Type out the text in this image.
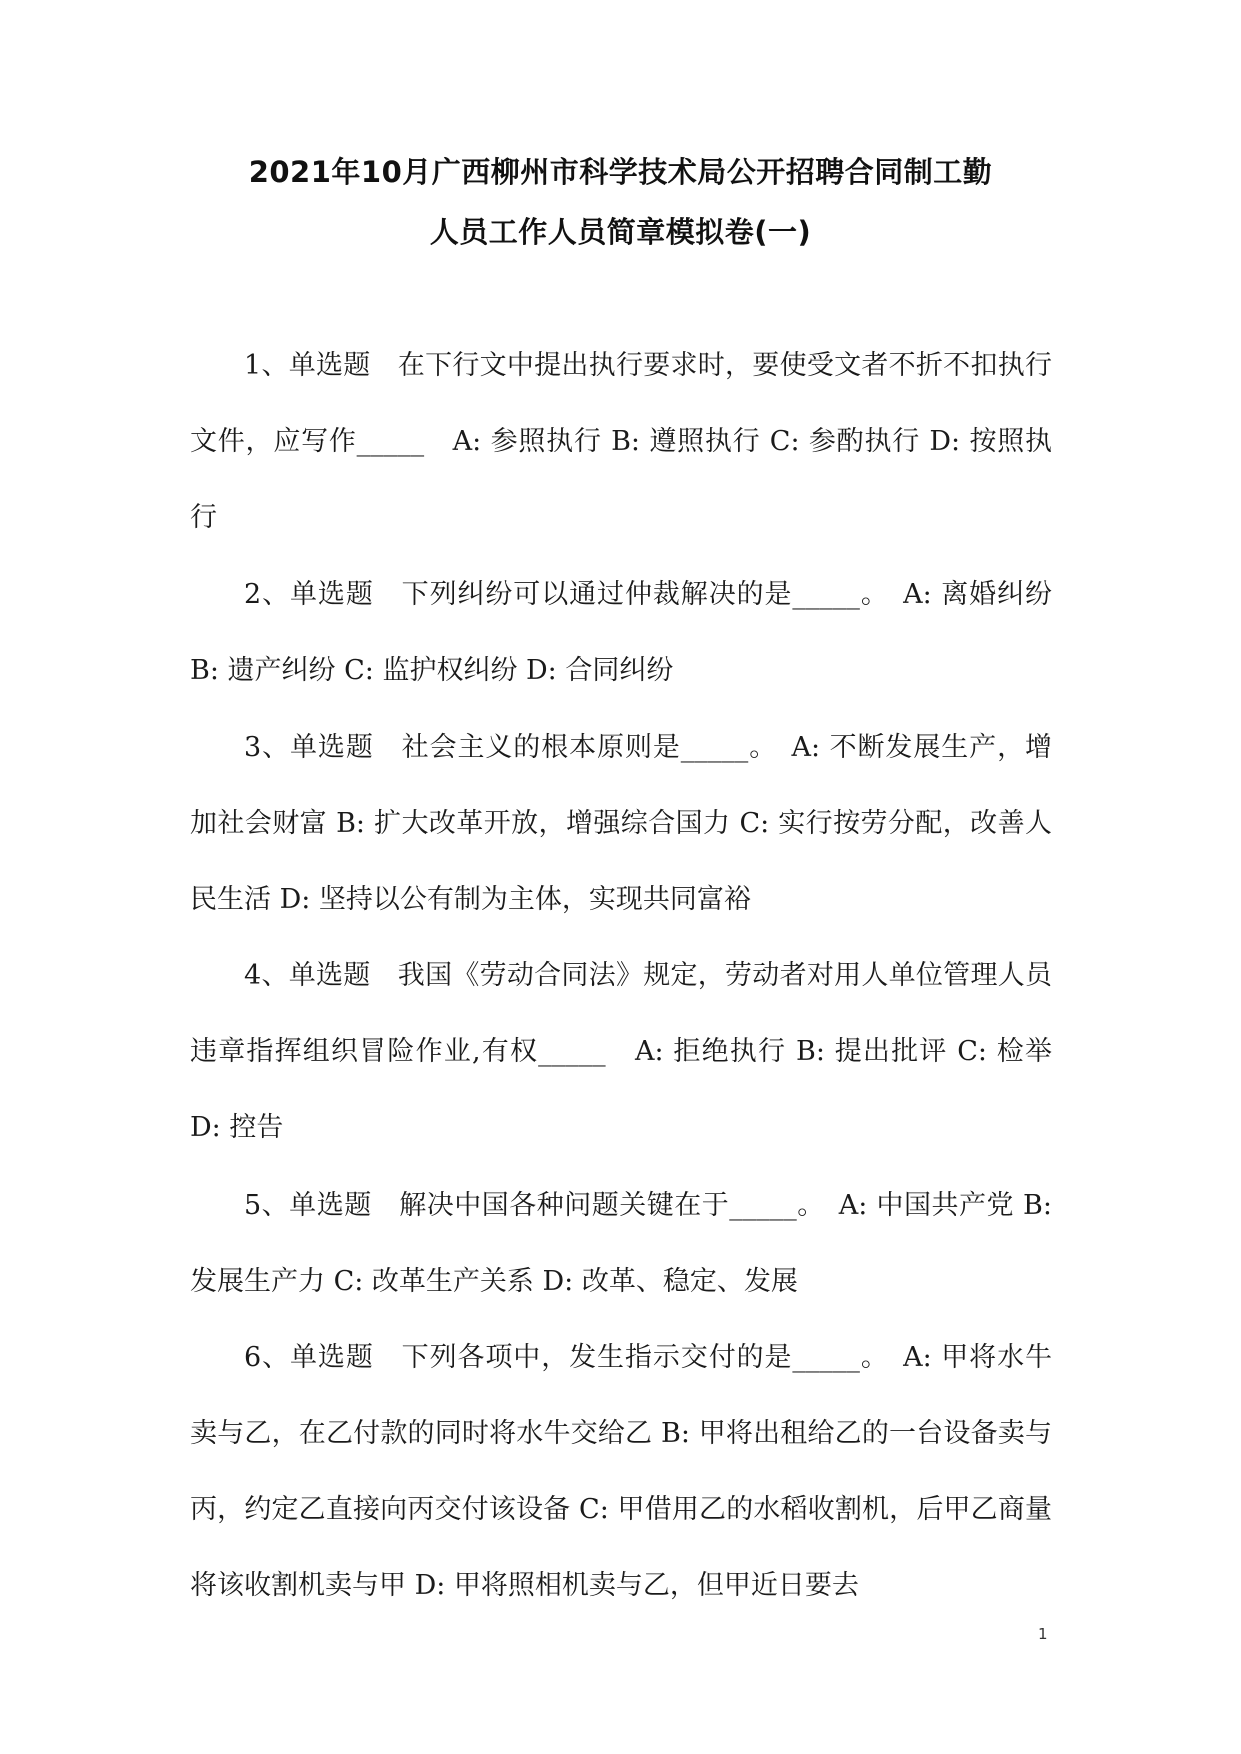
2021年10月广西柳州市科学技术局公开招聘合同制工勤
人员工作人员简章模拟卷(一)
1、单选题　在下行文中提出执行要求时，要使受文者不折不扣执行文件，应写作_____　A: 参照执行 B: 遵照执行 C: 参酌执行 D: 按照执行
2、单选题　下列纠纷可以通过仲裁解决的是_____。　A: 离婚纠纷 B: 遗产纠纷 C: 监护权纠纷 D: 合同纠纷
3、单选题　社会主义的根本原则是_____。　A: 不断发展生产，增加社会财富 B: 扩大改革开放，增强综合国力 C: 实行按劳分配，改善人民生活 D: 坚持以公有制为主体，实现共同富裕
4、单选题　我国《劳动合同法》规定，劳动者对用人单位管理人员违章指挥组织冒险作业,有权_____　A: 拒绝执行 B: 提出批评 C: 检举 D: 控告
5、单选题　解决中国各种问题关键在于_____。　A: 中国共产党 B: 发展生产力 C: 改革生产关系 D: 改革、稳定、发展
6、单选题　下列各项中，发生指示交付的是_____。　A: 甲将水牛卖与乙，在乙付款的同时将水牛交给乙 B: 甲将出租给乙的一台设备卖与丙，约定乙直接向丙交付该设备 C: 甲借用乙的水稻收割机，后甲乙商量将该收割机卖与甲 D: 甲将照相机卖与乙，但甲近日要去
1
